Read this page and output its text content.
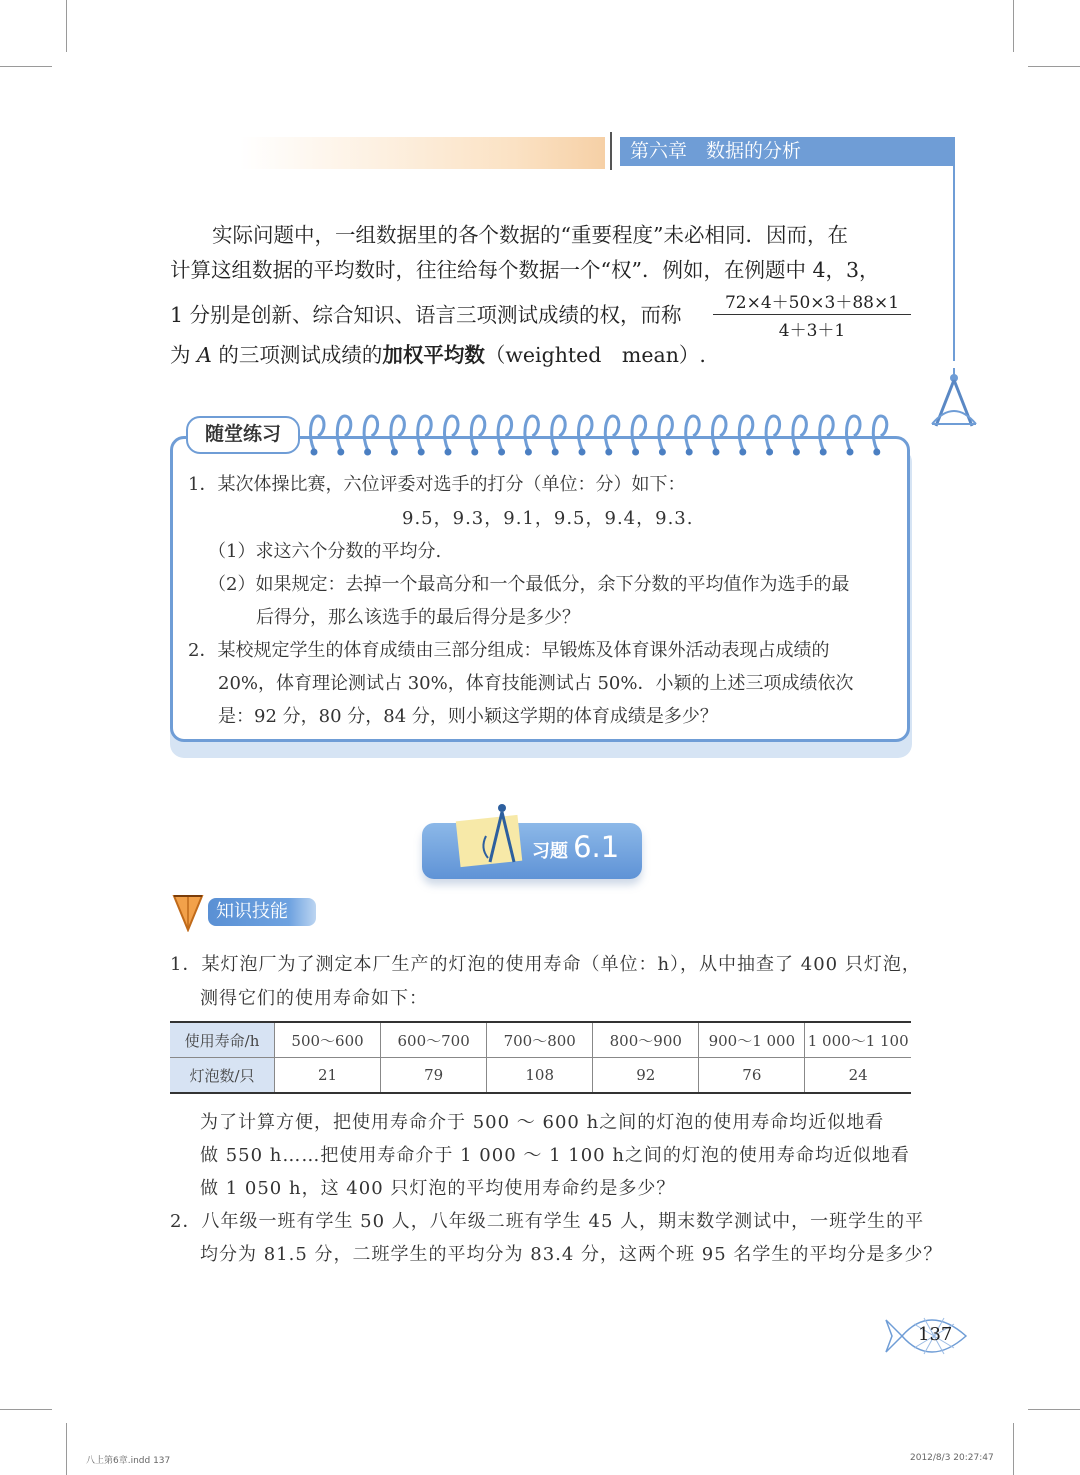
第六章　数据的分析
实际问题中，一组数据里的各个数据的“重要程度”未必相同．因而，在
计算这组数据的平均数时，往往给每个数据一个“权”．例如，在例题中 4，3，
1 分别是创新、综合知识、语言三项测试成绩的权，而称
为 A 的三项测试成绩的加权平均数（weighted　mean）.
$\frac{72\times 4+50\times 3+88\times 1}{4+3+1}$
随堂练习
1．某次体操比赛，六位评委对选手的打分（单位：分）如下：
9.5，9.3，9.1，9.5，9.4，9.3.
（1）求这六个分数的平均分.
（2）如果规定：去掉一个最高分和一个最低分，余下分数的平均值作为选手的最
后得分，那么该选手的最后得分是多少？
2．某校规定学生的体育成绩由三部分组成：早锻炼及体育课外活动表现占成绩的
20%，体育理论测试占 30%，体育技能测试占 50%．小颖的上述三项成绩依次
是：92 分，80 分，84 分，则小颖这学期的体育成绩是多少？
习题 6.1
知识技能
1．某灯泡厂为了测定本厂生产的灯泡的使用寿命（单位：h），从中抽查了 400 只灯泡，
测得它们的使用寿命如下：
使用寿命/h	500～600	600～700	700～800	800～900	900～1 000	1 000～1 100
灯泡数/只	21	79	108	92	76	24
为了计算方便，把使用寿命介于 500 ～ 600 h之间的灯泡的使用寿命均近似地看
做 550 h……把使用寿命介于 1 000 ～ 1 100 h之间的灯泡的使用寿命均近似地看
做 1 050 h，这 400 只灯泡的平均使用寿命约是多少？
2．八年级一班有学生 50 人，八年级二班有学生 45 人，期末数学测试中，一班学生的平
均分为 81.5 分，二班学生的平均分为 83.4 分，这两个班 95 名学生的平均分是多少？
137
八上第6章.indd 137	2012/8/3 20:27:47
